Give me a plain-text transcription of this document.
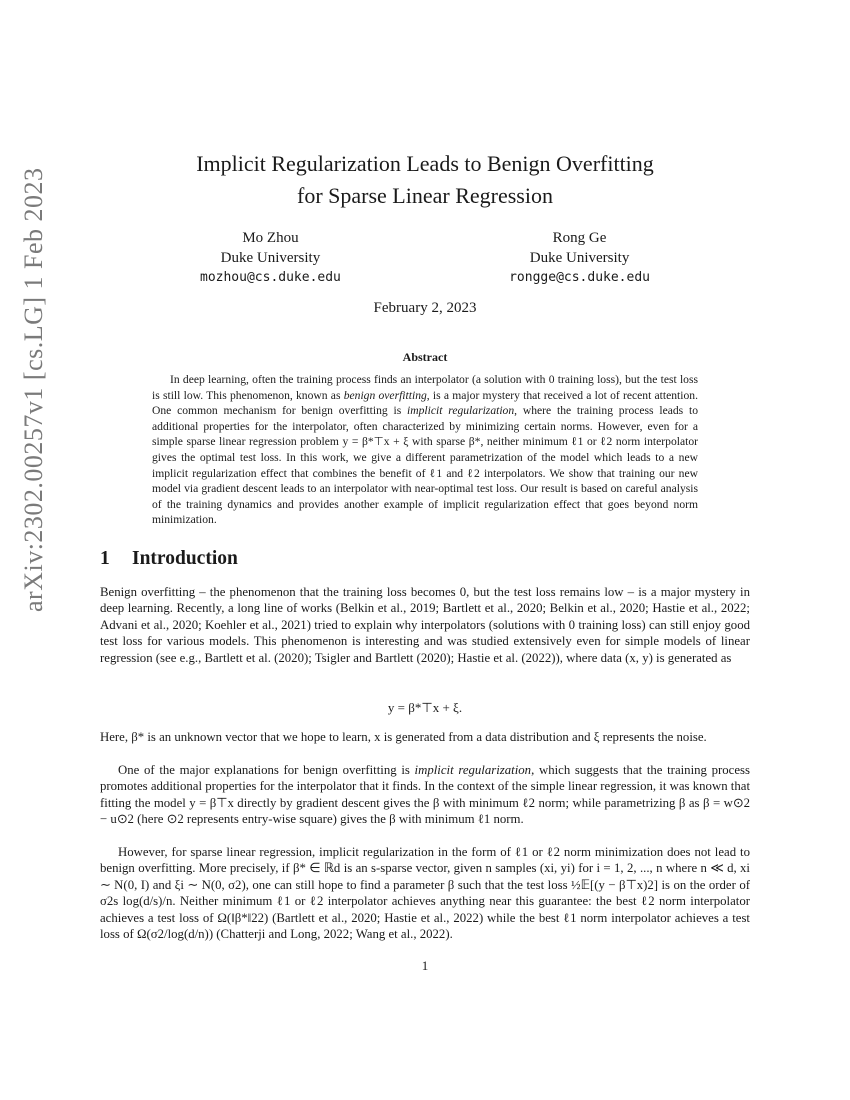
arXiv:2302.00257v1 [cs.LG] 1 Feb 2023
Implicit Regularization Leads to Benign Overfitting
for Sparse Linear Regression
Mo Zhou
Duke University
mozhou@cs.duke.edu
Rong Ge
Duke University
rongge@cs.duke.edu
February 2, 2023
Abstract
In deep learning, often the training process finds an interpolator (a solution with 0 training loss), but the test loss is still low. This phenomenon, known as benign overfitting, is a major mystery that received a lot of recent attention. One common mechanism for benign overfitting is implicit regularization, where the training process leads to additional properties for the interpolator, often characterized by minimizing certain norms. However, even for a simple sparse linear regression problem y = β*⊤x + ξ with sparse β*, neither minimum ℓ1 or ℓ2 norm interpolator gives the optimal test loss. In this work, we give a different parametrization of the model which leads to a new implicit regularization effect that combines the benefit of ℓ1 and ℓ2 interpolators. We show that training our new model via gradient descent leads to an interpolator with near-optimal test loss. Our result is based on careful analysis of the training dynamics and provides another example of implicit regularization effect that goes beyond norm minimization.
1 Introduction
Benign overfitting – the phenomenon that the training loss becomes 0, but the test loss remains low – is a major mystery in deep learning. Recently, a long line of works (Belkin et al., 2019; Bartlett et al., 2020; Belkin et al., 2020; Hastie et al., 2022; Advani et al., 2020; Koehler et al., 2021) tried to explain why interpolators (solutions with 0 training loss) can still enjoy good test loss for various models. This phenomenon is interesting and was studied extensively even for simple models of linear regression (see e.g., Bartlett et al. (2020); Tsigler and Bartlett (2020); Hastie et al. (2022)), where data (x, y) is generated as
y = β*⊤x + ξ.
Here, β* is an unknown vector that we hope to learn, x is generated from a data distribution and ξ represents the noise.
One of the major explanations for benign overfitting is implicit regularization, which suggests that the training process promotes additional properties for the interpolator that it finds. In the context of the simple linear regression, it was known that fitting the model y = β⊤x directly by gradient descent gives the β with minimum ℓ2 norm; while parametrizing β as β = w⊙2 − u⊙2 (here ⊙2 represents entry-wise square) gives the β with minimum ℓ1 norm.
However, for sparse linear regression, implicit regularization in the form of ℓ1 or ℓ2 norm minimization does not lead to benign overfitting. More precisely, if β* ∈ ℝd is an s-sparse vector, given n samples (xi, yi) for i = 1, 2, ..., n where n ≪ d, xi ∼ N(0, I) and ξi ∼ N(0, σ2), one can still hope to find a parameter β such that the test loss ½𝔼[(y − β⊤x)2] is on the order of σ2s log(d/s)/n. Neither minimum ℓ1 or ℓ2 interpolator achieves anything near this guarantee: the best ℓ2 norm interpolator achieves a test loss of Ω(‖β*‖22) (Bartlett et al., 2020; Hastie et al., 2022) while the best ℓ1 norm interpolator achieves a test loss of Ω(σ2/log(d/n)) (Chatterji and Long, 2022; Wang et al., 2022).
1
